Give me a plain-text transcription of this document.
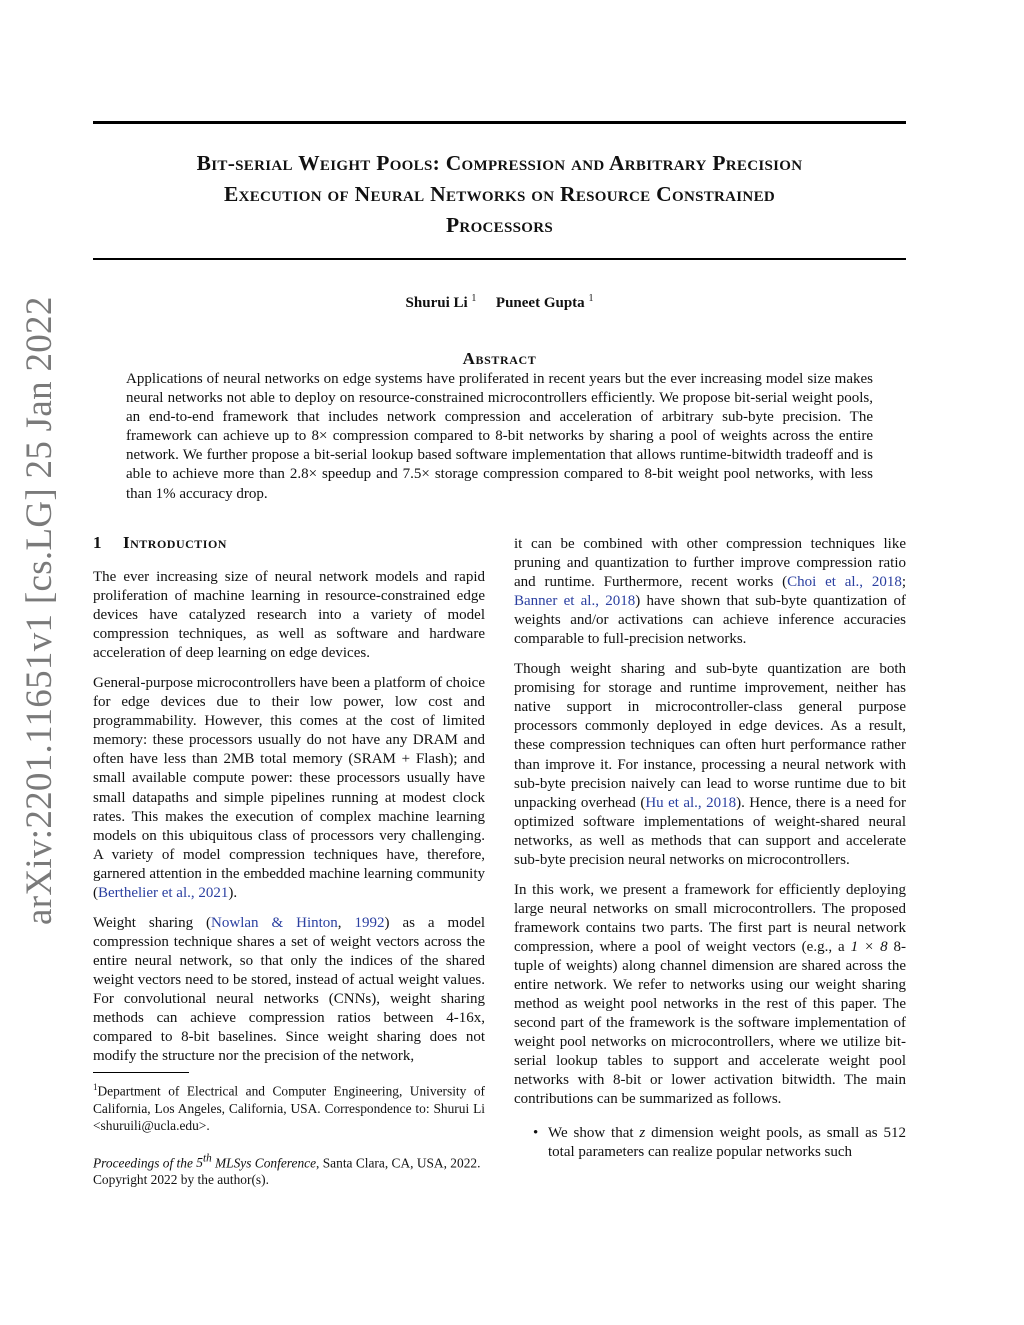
Bit-serial Weight Pools: Compression and Arbitrary Precision
Execution of Neural Networks on Resource Constrained
Processors
Shurui Li $^1$ Puneet Gupta $^1$
arXiv:2201.11651v1 [cs.LG] 25 Jan 2022	Abstract
Applications of neural networks on edge systems have proliferated in recent years but the ever increasing model size makes neural networks not able to deploy on resource-constrained microcontrollers efficiently. We propose bit-serial weight pools, an end-to-end framework that includes network compression and acceleration of arbitrary sub-byte precision. The framework can achieve up to 8× compression compared to 8-bit networks by sharing a pool of weights across the entire network. We further propose a bit-serial lookup based software implementation that allows runtime-bitwidth tradeoff and is able to achieve more than 2.8× speedup and 7.5× storage compression compared to 8-bit weight pool networks, with less than 1% accuracy drop.
1 Introduction

The ever increasing size of neural network models and rapid proliferation of machine learning in resource-constrained edge devices have catalyzed research into a variety of model compression techniques, as well as software and hardware acceleration of deep learning on edge devices.

General-purpose microcontrollers have been a platform of choice for edge devices due to their low power, low cost and programmability. However, this comes at the cost of limited memory: these processors usually do not have any DRAM and often have less than 2MB total memory (SRAM + Flash); and small available compute power: these processors usually have small datapaths and simple pipelines running at modest clock rates. This makes the execution of complex machine learning models on this ubiquitous class of processors very challenging. A variety of model compression techniques have, therefore, garnered attention in the embedded machine learning community (Berthelier et al., 2021).

Weight sharing (Nowlan & Hinton, 1992) as a model compression technique shares a set of weight vectors across the entire neural network, so that only the indices of the shared weight vectors need to be stored, instead of actual weight values. For convolutional neural networks (CNNs), weight sharing methods can achieve compression ratios between 4-16x, compared to 8-bit baselines. Since weight sharing does not modify the structure nor the precision of the network,

$^1$Department of Electrical and Computer Engineering, University of California, Los Angeles, California, USA. Correspondence to: Shurui Li <shuruili@ucla.edu>.

Proceedings of the 5th MLSys Conference, Santa Clara, CA, USA, 2022. Copyright 2022 by the author(s).

it can be combined with other compression techniques like pruning and quantization to further improve compression ratio and runtime. Furthermore, recent works (Choi et al., 2018; Banner et al., 2018) have shown that sub-byte quantization of weights and/or activations can achieve inference accuracies comparable to full-precision networks.

Though weight sharing and sub-byte quantization are both promising for storage and runtime improvement, neither has native support in microcontroller-class general purpose processors commonly deployed in edge devices. As a result, these compression techniques can often hurt performance rather than improve it. For instance, processing a neural network with sub-byte precision naively can lead to worse runtime due to bit unpacking overhead (Hu et al., 2018). Hence, there is a need for optimized software implementations of weight-shared neural networks, as well as methods that can support and accelerate sub-byte precision neural networks on microcontrollers.

In this work, we present a framework for efficiently deploying large neural networks on small microcontrollers. The proposed framework contains two parts. The first part is neural network compression, where a pool of weight vectors (e.g., a 1 × 8 8-tuple of weights) along channel dimension are shared across the entire network. We refer to networks using our weight sharing method as weight pool networks in the rest of this paper. The second part of the framework is the software implementation of weight pool networks on microcontrollers, where we utilize bit-serial lookup tables to support and accelerate weight pool networks with 8-bit or lower activation bitwidth. The main contributions can be summarized as follows.

• We show that z dimension weight pools, as small as 512 total parameters can realize popular networks such
